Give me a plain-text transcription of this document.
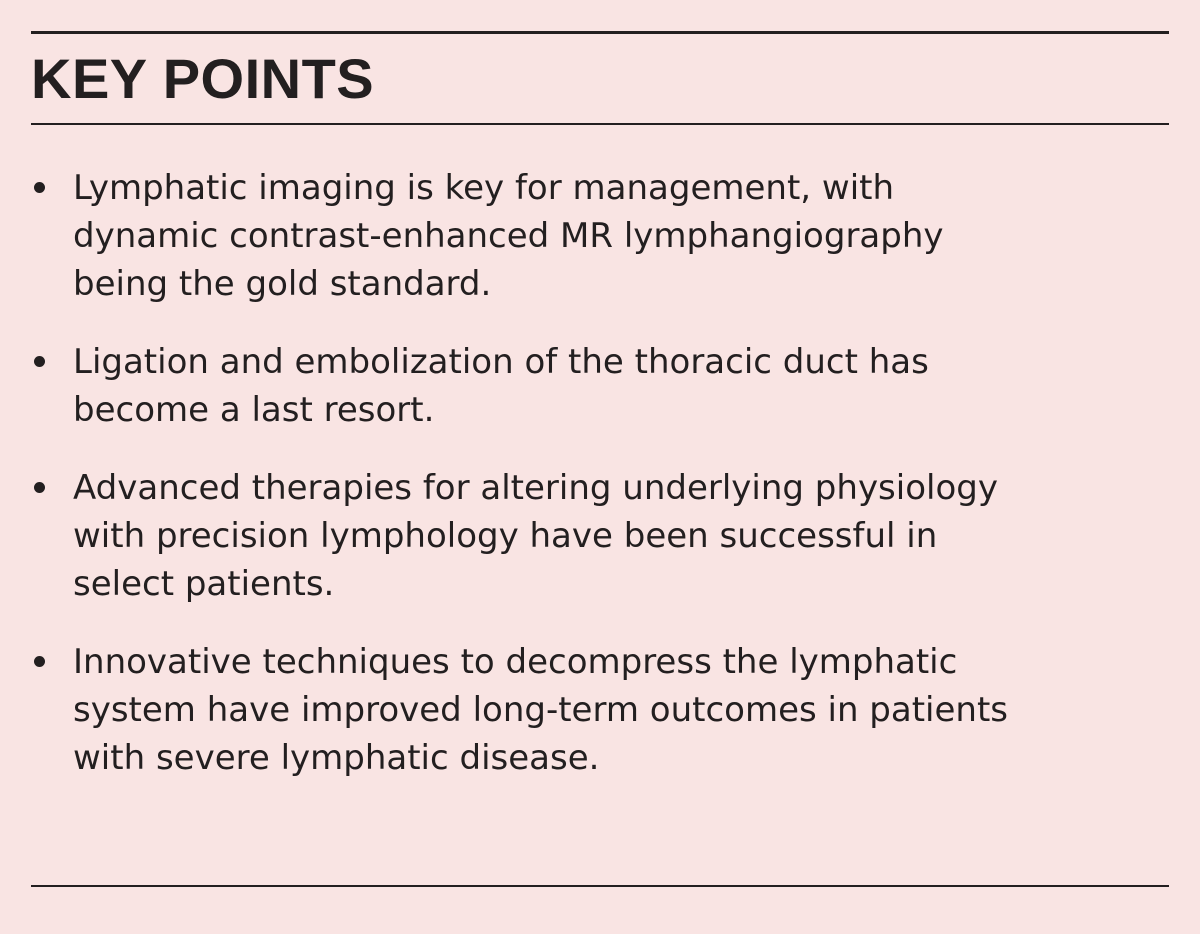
KEY POINTS
Lymphatic imaging is key for management, with
dynamic contrast-enhanced MR lymphangiography
being the gold standard.
Ligation and embolization of the thoracic duct has
become a last resort.
Advanced therapies for altering underlying physiology
with precision lymphology have been successful in
select patients.
Innovative techniques to decompress the lymphatic
system have improved long-term outcomes in patients
with severe lymphatic disease.
